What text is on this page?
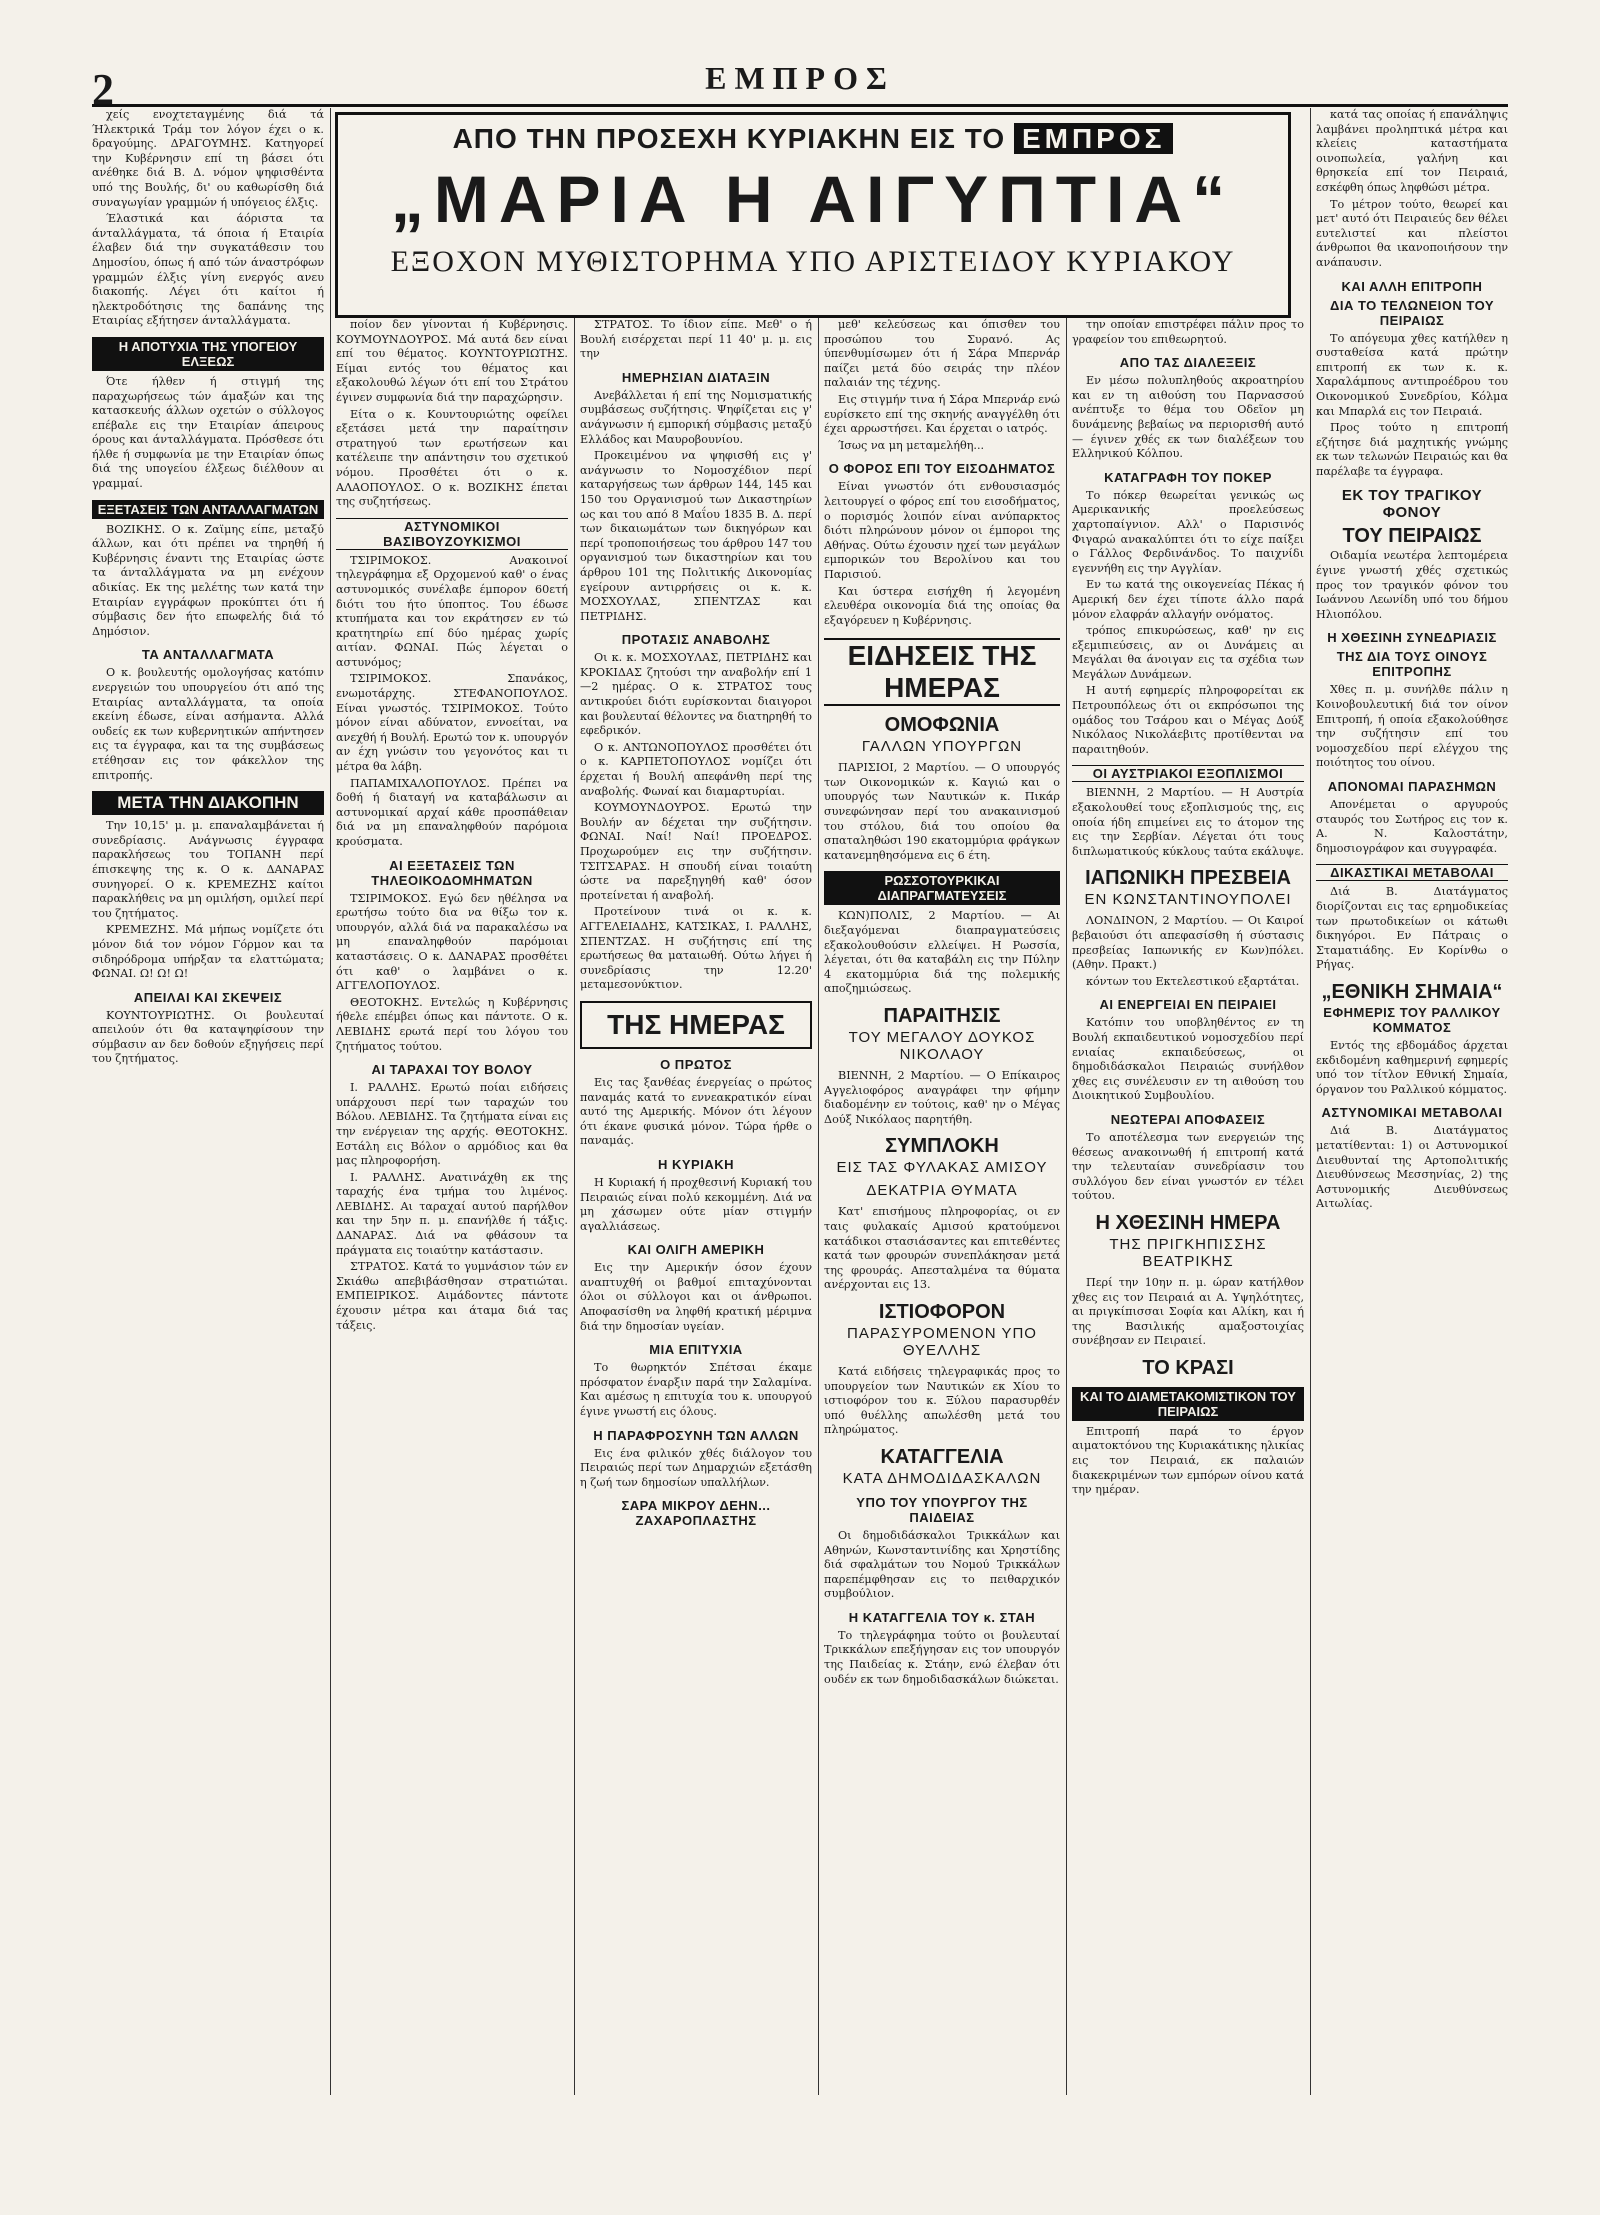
2	ΕΜΠΡΟΣ

χείς ενοχτεταγμένης διά τά Ήλεκτρικά Τράμ τον λόγον έχει ο κ. δραγούμης. ΔΡΑΓΟΥΜΗΣ. Κατηγορεί την Κυβέρνησιν επί τη βάσει ότι ανέθηκε διά Β. Δ. νόμον ψηφισθέντα υπό της Βουλής, δι' ου καθωρίσθη διά συναγωγίαν γραμμών ή υπόγειος έλξις.

Έλαστικά και άόριστα τα άνταλλάγματα, τά όποια ή Εταιρία έλαβεν διά την συγκατάθεσιν του Δημοσίου, όπως ή από τών άναστρόφων γραμμών έλξις γίνη ενεργός ανευ διακοπής. Λέγει ότι καίτοι ή ηλεκτροδότησις της δαπάνης της Εταιρίας εξήτησεν άνταλλάγματα.

Η ΑΠΟΤΥΧΙΑ ΤΗΣ ΥΠΟΓΕΙΟΥ ΕΛΞΕΩΣ

Ότε ήλθεν ή στιγμή της παραχωρήσεως τών άμαξών και της κατασκευής άλλων οχετών ο σύλλογος επέβαλε εις την Εταιρίαν άπειρους όρους και άνταλλάγματα. Πρόσθεσε ότι ήλθε ή συμφωνία με την Εταιρίαν όπως διά της υπογείου έλξεως διέλθουν αι γραμμαί.

ΕΞΕΤΑΣΕΙΣ ΤΩΝ ΑΝΤΑΛΛΑΓΜΑΤΩΝ

ΒΟΖΙΚΗΣ. Ο κ. Ζαϊμης είπε, μεταξύ άλλων, και ότι πρέπει να τηρηθή ή Κυβέρνησις έναντι της Εταιρίας ώστε τα άνταλλάγματα να μη ενέχουν αδικίας. Εκ της μελέτης των κατά την Εταιρίαν εγγράφων προκύπτει ότι ή σύμβασις δεν ήτο επωφελής διά τό Δημόσιον.

ΤΑ ΑΝΤΑΛΛΑΓΜΑΤΑ

Ο κ. βουλευτής ομολογήσας κατόπιν ενεργειών του υπουργείου ότι από της Εταιρίας ανταλλάγματα, τα οποία εκείνη έδωσε, είναι ασήμαντα. Αλλά ουδείς εκ των κυβερνητικών απήντησεν εις τα έγγραφα, και τα της συμβάσεως ετέθησαν εις τον φάκελλον της επιτροπής.

ΜΕΤΑ ΤΗΝ ΔΙΑΚΟΠΗΝ

Την 10,15' μ. μ. επαναλαμβάνεται ή συνεδρίασις. Ανάγνωσις έγγραφα παρακλήσεως του ΤΟΠΑΝΗ περί έπισκεψης της κ. Ο κ. ΔΑΝΑΡΑΣ συνηγορεί. Ο κ. ΚΡΕΜΕΖΗΣ καίτοι παρακλήθεις να μη ομιλήση, ομιλεί περί του ζητήματος.

ΚΡΕΜΕΖΗΣ. Μά μήπως νομίζετε ότι μόνον διά τον νόμον Γόρμον και τα σιδηρόδρομα υπήρξαν τα ελαττώματα; ΦΩΝΑΙ. Ω! Ω! Ω!

ΑΠΕΙΛΑΙ ΚΑΙ ΣΚΕΨΕΙΣ

ΚΟΥΝΤΟΥΡΙΩΤΗΣ. Οι βουλευταί απειλούν ότι θα καταψηφίσουν την σύμβασιν αν δεν δοθούν εξηγήσεις περί του ζητήματος.

ΑΠΟ ΤΗΝ ΠΡΟΣΕΧΗ ΚΥΡΙΑΚΗΝ ΕΙΣ ΤΟ ΕΜΠΡΟΣ
„ΜΑΡΙΑ Η ΑΙΓΥΠΤΙΑ“
ΕΞΟΧΟΝ ΜΥΘΙΣΤΟΡΗΜΑ ΥΠΟ ΑΡΙΣΤΕΙΔΟΥ ΚΥΡΙΑΚΟΥ

ποίον δεν γίνονται ή Κυβέρνησις. ΚΟΥΜΟΥΝΔΟΥΡΟΣ. Μά αυτά δεν είναι επί του θέματος. ΚΟΥΝΤΟΥΡΙΩΤΗΣ. Είμαι εντός του θέματος και εξακολουθώ λέγων ότι επί του Στράτου έγινεν συμφωνία διά την παραχώρησιν.

Είτα ο κ. Κουντουριώτης οφείλει εξετάσει μετά την παραίτησιν στρατηγού των ερωτήσεων και κατέλειπε την απάντησιν του σχετικού νόμου. Προσθέτει ότι ο κ. ΑΛΑΟΠΟΥΛΟΣ. Ο κ. ΒΟΖΙΚΗΣ έπεται της συζητήσεως.

ΑΣΤΥΝΟΜΙΚΟΙ ΒΑΣΙΒΟΥΖΟΥΚΙΣΜΟΙ

ΤΣΙΡΙΜΟΚΟΣ. Ανακοινοί τηλεγράφημα εξ Ορχομενού καθ' ο ένας αστυνομικός συνέλαβε έμπορον 60ετή διότι του ήτο ύποπτος. Του έδωσε κτυπήματα και τον εκράτησεν εν τώ κρατητηρίω επί δύο ημέρας χωρίς αιτίαν. ΦΩΝΑΙ. Πώς λέγεται ο αστυνόμος;

ΤΣΙΡΙΜΟΚΟΣ. Σπανάκος, ενωμοτάρχης. ΣΤΕΦΑΝΟΠΟΥΛΟΣ. Είναι γνωστός. ΤΣΙΡΙΜΟΚΟΣ. Τούτο μόνον είναι αδύνατον, εννοείται, να ανεχθή ή Βουλή. Ερωτώ τον κ. υπουργόν αν έχη γνώσιν του γεγονότος και τι μέτρα θα λάβη.

ΠΑΠΑΜΙΧΑΛΟΠΟΥΛΟΣ. Πρέπει να δοθή ή διαταγή να καταβάλωσιν αι αστυνομικαί αρχαί κάθε προσπάθειαν διά να μη επαναληφθούν παρόμοια κρούσματα.

ΑΙ ΕΞΕΤΑΣΕΙΣ ΤΩΝ ΤΗΛΕΟΙΚΟΔΟΜΗΜΑΤΩΝ

ΤΣΙΡΙΜΟΚΟΣ. Εγώ δεν ηθέλησα να ερωτήσω τούτο δια να θίξω τον κ. υπουργόν, αλλά διά να παρακαλέσω να μη επαναληφθούν παρόμοιαι καταστάσεις. Ο κ. ΔΑΝΑΡΑΣ προσθέτει ότι καθ' ο λαμβάνει ο κ. ΑΓΓΕΛΟΠΟΥΛΟΣ.

ΘΕΟΤΟΚΗΣ. Εντελώς η Κυβέρνησις ήθελε επέμβει όπως και πάντοτε. Ο κ. ΛΕΒΙΔΗΣ ερωτά περί του λόγου του ζητήματος τούτου.

ΑΙ ΤΑΡΑΧΑΙ ΤΟΥ ΒΟΛΟΥ

Ι. ΡΑΛΛΗΣ. Ερωτώ ποίαι ειδήσεις υπάρχουσι περί των ταραχών του Βόλου. ΛΕΒΙΔΗΣ. Τα ζητήματα είναι εις την ενέργειαν της αρχής. ΘΕΟΤΟΚΗΣ. Εστάλη εις Βόλον ο αρμόδιος και θα μας πληροφορήση.

Ι. ΡΑΛΛΗΣ. Ανατινάχθη εκ της ταραχής ένα τμήμα του λιμένος. ΛΕΒΙΔΗΣ. Αι ταραχαί αυτού παρήλθον και την 5ην π. μ. επανήλθε ή τάξις. ΔΑΝΑΡΑΣ. Διά να φθάσουν τα πράγματα εις τοιαύτην κατάστασιν.

ΣΤΡΑΤΟΣ. Κατά το γυμνάσιον τών εν Σκιάθω απεβιβάσθησαν στρατιώται. ΕΜΠΕΙΡΙΚΟΣ. Αιμάδοντες πάντοτε έχουσιν μέτρα και άταμα διά τας τάξεις.

ΣΤΡΑΤΟΣ. Το ίδιον είπε. Μεθ' ο ή Βουλή εισέρχεται περί 11 40' μ. μ. εις την

ΗΜΕΡΗΣΙΑΝ ΔΙΑΤΑΞΙΝ

Ανεβάλλεται ή επί της Νομισματικής συμβάσεως συζήτησις. Ψηφίζεται εις γ' ανάγνωσιν ή εμπορική σύμβασις μεταξύ Ελλάδος και Μαυροβουνίου.

Προκειμένου να ψηφισθή εις γ' ανάγνωσιν το Νομοσχέδιον περί καταργήσεως των άρθρων 144, 145 και 150 του Οργανισμού των Δικαστηρίων ως και του από 8 Μαΐου 1835 Β. Δ. περί των δικαιωμάτων των δικηγόρων και περί τροποποιήσεως του άρθρου 147 του οργανισμού των δικαστηρίων και του άρθρου 101 της Πολιτικής Δικονομίας εγείρουν αντιρρήσεις οι κ. κ. ΜΟΣΧΟΥΛΑΣ, ΣΠΕΝΤΖΑΣ και ΠΕΤΡΙΔΗΣ.

ΠΡΟΤΑΣΙΣ ΑΝΑΒΟΛΗΣ

Οι κ. κ. ΜΟΣΧΟΥΛΑΣ, ΠΕΤΡΙΔΗΣ και ΚΡΟΚΙΔΑΣ ζητούσι την αναβολήν επί 1—2 ημέρας. Ο κ. ΣΤΡΑΤΟΣ τους αντικρούει διότι ευρίσκονται διαιγοροι και βουλευταί θέλοντες να διατηρηθή το εφεδρικόν.

Ο κ. ΑΝΤΩΝΟΠΟΥΛΟΣ προσθέτει ότι ο κ. ΚΑΡΠΕΤΟΠΟΥΛΟΣ νομίζει ότι έρχεται ή Βουλή απεφάνθη περί της αναβολής. Φωναί και διαμαρτυρίαι.

ΚΟΥΜΟΥΝΔΟΥΡΟΣ. Ερωτώ την Βουλήν αν δέχεται την συζήτησιν. ΦΩΝΑΙ. Ναί! Ναί! ΠΡΟΕΔΡΟΣ. Προχωρούμεν εις την συζήτησιν. ΤΣΙΤΣΑΡΑΣ. Η σπουδή είναι τοιαύτη ώστε να παρεξηγηθή καθ' όσον προτείνεται ή αναβολή.

Προτείνουν τινά οι κ. κ. ΑΓΓΕΛΕΙΑΔΗΣ, ΚΑΤΣΙΚΑΣ, Ι. ΡΑΛΛΗΣ, ΣΠΕΝΤΖΑΣ. Η συζήτησις επί της ερωτήσεως θα ματαιωθή. Ούτω λήγει ή συνεδρίασις την 12.20' μεταμεσονύκτιον.

ΤΗΣ ΗΜΕΡΑΣ
Ο ΠΡΩΤΟΣ

Εις τας ξανθέας ένεργείας ο πρώτος παναμάς κατά το εννεακρατικόν είναι αυτό της Αμερικής. Μόνον ότι λέγουν ότι έκανε φυσικά μόνον. Τώρα ήρθε ο παναμάς.

Η ΚΥΡΙΑΚΗ

Η Κυριακή ή προχθεσινή Κυριακή του Πειραιώς είναι πολύ κεκομμένη. Διά να μη χάσωμεν ούτε μίαν στιγμήν αγαλλιάσεως.

ΚΑΙ ΟΛΙΓΗ ΑΜΕΡΙΚΗ

Εις την Αμερικήν όσον έχουν αναπτυχθή οι βαθμοί επιταχύνονται όλοι οι σύλλογοι και οι άνθρωποι. Αποφασίσθη να ληφθή κρατική μέριμνα διά την δημοσίαν υγείαν.

ΜΙΑ ΕΠΙΤΥΧΙΑ

Το θωρηκτόν Σπέτσαι έκαμε πρόσφατον έναρξιν παρά την Σαλαμίνα. Και αμέσως η επιτυχία του κ. υπουργού έγινε γνωστή εις όλους.

Η ΠΑΡΑΦΡΟΣΥΝΗ ΤΩΝ ΑΛΛΩΝ

Εις ένα φιλικόν χθές διάλογον του Πειραιώς περί των Δημαρχιών εξετάσθη η ζωή των δημοσίων υπαλλήλων.

ΣΑΡΑ ΜΙΚΡΟΥ ΔΕΗΝ... ΖΑΧΑΡΟΠΛΑΣΤΗΣ

μεθ' κελεύσεως και όπισθεν του προσώπου του Συρανό. Ας ύπενθυμίσωμεν ότι ή Σάρα Μπερνάρ παίζει μετά δύο σειράς την πλέον παλαιάν της τέχνης.

Εις στιγμήν τινα ή Σάρα Μπερνάρ ενώ ευρίσκετο επί της σκηνής αναγγέλθη ότι έχει αρρωστήσει. Και έρχεται ο ιατρός.

Ίσως να μη μεταμελήθη...

Ο ΦΟΡΟΣ ΕΠΙ ΤΟΥ ΕΙΣΟΔΗΜΑΤΟΣ

Είναι γνωστόν ότι ενθουσιασμός λειτουργεί ο φόρος επί του εισοδήματος, ο πορισμός λοιπόν είναι ανύπαρκτος διότι πληρώνουν μόνον οι έμποροι της Αθήνας. Ούτω έχουσιν ηχεί των μεγάλων εμπορικών του Βερολίνου και του Παρισιού.

Και ύστερα εισήχθη ή λεγομένη ελευθέρα οικονομία διά της οποίας θα εξαγόρευεν η Κυβέρνησις.

ΕΙΔΗΣΕΙΣ ΤΗΣ ΗΜΕΡΑΣ
ΟΜΟΦΩΝΙΑ
ΓΑΛΛΩΝ ΥΠΟΥΡΓΩΝ

ΠΑΡΙΣΙΟΙ, 2 Μαρτίου. — Ο υπουργός των Οικονομικών κ. Καγιώ και ο υπουργός των Ναυτικών κ. Πικάρ συνεφώνησαν περί του ανακαινισμού του στόλου, διά του οποίου θα σπαταληθώσι 190 εκατομμύρια φράγκων κατανεμηθησόμενα εις 6 έτη.

ΡΩΣΣΟΤΟΥΡΚΙΚΑΙ ΔΙΑΠΡΑΓΜΑΤΕΥΣΕΙΣ

ΚΩΝ)ΠΟΛΙΣ, 2 Μαρτίου. — Αι διεξαγόμεναι διαπραγματεύσεις εξακολουθούσιν ελλείψει. Η Ρωσσία, λέγεται, ότι θα καταβάλη εις την Πύλην 4 εκατομμύρια διά της πολεμικής αποζημιώσεως.

ΠΑΡΑΙΤΗΣΙΣ
ΤΟΥ ΜΕΓΑΛΟΥ ΔΟΥΚΟΣ ΝΙΚΟΛΑΟΥ

ΒΙΕΝΝΗ, 2 Μαρτίου. — Ο Επίκαιρος Αγγελιοφόρος αναγράφει την φήμην διαδομένην εν τούτοις, καθ' ην ο Μέγας Δούξ Νικόλαος παρητήθη.

ΣΥΜΠΛΟΚΗ
ΕΙΣ ΤΑΣ ΦΥΛΑΚΑΣ ΑΜΙΣΟΥ
ΔΕΚΑΤΡΙΑ ΘΥΜΑΤΑ

Κατ' επισήμους πληροφορίας, οι εν ταις φυλακαίς Αμισού κρατούμενοι κατάδικοι στασιάσαντες και επιτεθέντες κατά των φρουρών συνεπλάκησαν μετά της φρουράς. Απεσταλμένα τα θύματα ανέρχονται εις 13.

ΙΣΤΙΟΦΟΡΟΝ
ΠΑΡΑΣΥΡΟΜΕΝΟΝ ΥΠΟ ΘΥΕΛΛΗΣ

Κατά ειδήσεις τηλεγραφικάς προς το υπουργείον των Ναυτικών εκ Χίου το ιστιοφόρον του κ. Ξύλου παρασυρθέν υπό θυέλλης απωλέσθη μετά του πληρώματος.

ΚΑΤΑΓΓΕΛΙΑ
ΚΑΤΑ ΔΗΜΟΔΙΔΑΣΚΑΛΩΝ
ΥΠΟ ΤΟΥ ΥΠΟΥΡΓΟΥ ΤΗΣ ΠΑΙΔΕΙΑΣ

Οι δημοδιδάσκαλοι Τρικκάλων και Αθηνών, Κωνσταντινίδης και Χρηστίδης διά σφαλμάτων του Νομού Τρικκάλων παρεπέμφθησαν εις το πειθαρχικόν συμβούλιον.

Η ΚΑΤΑΓΓΕΛΙΑ ΤΟΥ κ. ΣΤΑΗ

Το τηλεγράφημα τούτο οι βουλευταί Τρικκάλων επεξήγησαν εις τον υπουργόν της Παιδείας κ. Στάην, ενώ έλεβαν ότι ουδέν εκ των δημοδιδασκάλων διώκεται.

την οποίαν επιστρέφει πάλιν προς το γραφείον του επιθεωρητού.

ΑΠΟ ΤΑΣ ΔΙΑΛΕΞΕΙΣ

Εν μέσω πολυπληθούς ακροατηρίου και εν τη αιθούση του Παρνασσού ανέπτυξε το θέμα του Οδεῖον μη δυνάμενης βεβαίως να περιορισθή αυτό— έγινεν χθές εκ των διαλέξεων του Ελληνικού Κόλπου.

ΚΑΤΑΓΡΑΦΗ ΤΟΥ ΠΟΚΕΡ

Το πόκερ θεωρείται γενικώς ως Αμερικανικής προελεύσεως χαρτοπαίγνιον. Αλλ' ο Παρισινός Φιγαρώ ανακαλύπτει ότι το είχε παίξει ο Γάλλος Φερδινάνδος. Το παιχνίδι εγεννήθη εις την Αγγλίαν.

Εν τω κατά της οικογενείας Πέκας ή Αμερική δεν έχει τίποτε άλλο παρά μόνον ελαφράν αλλαγήν ονόματος.

τρόπος επικυρώσεως, καθ' ην εις εξεμιπιεύσεις, αν οι Δυνάμεις αι Μεγάλαι θα άνοιγαν εις τα σχέδια των Μεγάλων Δυνάμεων.

Η αυτή εφημερίς πληροφορείται εκ Πετρουπόλεως ότι οι εκπρόσωποι της ομάδος του Τσάρου και ο Μέγας Δούξ Νικόλαος Νικολάεβιτς προτίθενται να παραιτηθούν.

ΟΙ ΑΥΣΤΡΙΑΚΟΙ ΕΞΟΠΛΙΣΜΟΙ

ΒΙΕΝΝΗ, 2 Μαρτίου. — Η Αυστρία εξακολουθεί τους εξοπλισμούς της, εις οποία ήδη επιμείνει εις το άτομον της εις την Σερβίαν. Λέγεται ότι τους διπλωματικούς κύκλους ταύτα εκάλυψε.

ΙΑΠΩΝΙΚΗ ΠΡΕΣΒΕΙΑ
ΕΝ ΚΩΝΣΤΑΝΤΙΝΟΥΠΟΛΕΙ

ΛΟΝΔΙΝΟΝ, 2 Μαρτίου. — Οι Καιροί βεβαιούσι ότι απεφασίσθη ή σύστασις πρεσβείας Ιαπωνικής εν Κων)πόλει. (Αθην. Πρακτ.)

κόντων του Εκτελεστικού εξαρτάται.

ΑΙ ΕΝΕΡΓΕΙΑΙ ΕΝ ΠΕΙΡΑΙΕΙ

Κατόπιν του υποβληθέντος εν τη Βουλή εκπαιδευτικού νομοσχεδίου περί ενιαίας εκπαιδεύσεως, οι δημοδιδάσκαλοι Πειραιώς συνήλθον χθες εις συνέλευσιν εν τη αιθούση του Διοικητικού Συμβουλίου.

ΝΕΩΤΕΡΑΙ ΑΠΟΦΑΣΕΙΣ

Το αποτέλεσμα των ενεργειών της θέσεως ανακοινωθή ή επιτροπή κατά την τελευταίαν συνεδρίασιν του συλλόγου δεν είναι γνωστόν εν τέλει τούτου.

Η ΧΘΕΣΙΝΗ ΗΜΕΡΑ
ΤΗΣ ΠΡΙΓΚΗΠΙΣΣΗΣ ΒΕΑΤΡΙΚΗΣ

Περί την 10ην π. μ. ώραν κατήλθον χθες εις τον Πειραιά αι Α. Υψηλότητες, αι πριγκίπισσαι Σοφία και Αλίκη, και ή της Βασιλικής αμαξοστοιχίας συνέβησαν εν Πειραιεί.

ΤΟ ΚΡΑΣΙ
ΚΑΙ ΤΟ ΔΙΑΜΕΤΑΚΟΜΙΣΤΙΚΟΝ ΤΟΥ ΠΕΙΡΑΙΩΣ

Επιτροπή παρά το έργον αιματοκτόνου της Κυριακάτικης ηλικίας εις τον Πειραιά, εκ παλαιών διακεκριμένων των εμπόρων οίνου κατά την ημέραν.

κατά τας οποίας ή επανάληψις λαμβάνει προληπτικά μέτρα και κλείεις καταστήματα οινοπωλεία, γαλήνη και θρησκεία επί τον Πειραιά, εσκέφθη όπως ληφθώσι μέτρα.

Το μέτρον τούτο, θεωρεί και μετ' αυτό ότι Πειραιεύς δεν θέλει ευτελιστεί και πλείστοι άνθρωποι θα ικανοποιήσουν την ανάπαυσιν.

ΚΑΙ ΑΛΛΗ ΕΠΙΤΡΟΠΗ
ΔΙΑ ΤΟ ΤΕΛΩΝΕΙΟΝ ΤΟΥ ΠΕΙΡΑΙΩΣ

Το απόγευμα χθες κατήλθεν η συσταθείσα κατά πρώτην επιτροπή εκ των κ. κ. Χαραλάμπους αντιπροέδρου του Οικονομικού Συνεδρίου, Κόλμα και Μπαρλά εις τον Πειραιά.

Προς τούτο η επιτροπή εζήτησε διά μαχητικής γνώμης εκ των τελωνών Πειραιώς και θα παρέλαβε τα έγγραφα.

ΕΚ ΤΟΥ ΤΡΑΓΙΚΟΥ ΦΟΝΟΥ
ΤΟΥ ΠΕΙΡΑΙΩΣ

Οιδαμία νεωτέρα λεπτομέρεια έγινε γνωστή χθές σχετικώς προς τον τραγικόν φόνον του Ιωάννου Λεωνίδη υπό του δήμου Ηλιοπόλου.

Η ΧΘΕΣΙΝΗ ΣΥΝΕΔΡΙΑΣΙΣ
ΤΗΣ ΔΙΑ ΤΟΥΣ ΟΙΝΟΥΣ ΕΠΙΤΡΟΠΗΣ

Χθες π. μ. συνήλθε πάλιν η Κοινοβουλευτική διά τον οίνον Επιτροπή, ή οποία εξακολούθησε την συζήτησιν επί του νομοσχεδίου περί ελέγχου της ποιότητος του οίνου.

ΑΠΟΝΟΜΑΙ ΠΑΡΑΣΗΜΩΝ

Απονέμεται ο αργυρούς σταυρός του Σωτήρος εις τον κ. Α. Ν. Καλοστάτην, δημοσιογράφον και συγγραφέα.

ΔΙΚΑΣΤΙΚΑΙ ΜΕΤΑΒΟΛΑΙ

Διά Β. Διατάγματος διορίζονται εις τας ερημοδικείας των πρωτοδικείων οι κάτωθι δικηγόροι. Εν Πάτραις ο Σταματιάδης. Εν Κορίνθω ο Ρήγας.

„ΕΘΝΙΚΗ ΣΗΜΑΙΑ“
ΕΦΗΜΕΡΙΣ ΤΟΥ ΡΑΛΛΙΚΟΥ ΚΟΜΜΑΤΟΣ

Εντός της εβδομάδος άρχεται εκδιδομένη καθημερινή εφημερίς υπό τον τίτλον Εθνική Σημαία, όργανον του Ραλλικού κόμματος.

ΑΣΤΥΝΟΜΙΚΑΙ ΜΕΤΑΒΟΛΑΙ

Διά Β. Διατάγματος μετατίθενται: 1) οι Αστυνομικοί Διευθυνταί της Αρτοπολιτικής Διευθύνσεως Μεσσηνίας, 2) της Αστυνομικής Διευθύνσεως Αιτωλίας.
